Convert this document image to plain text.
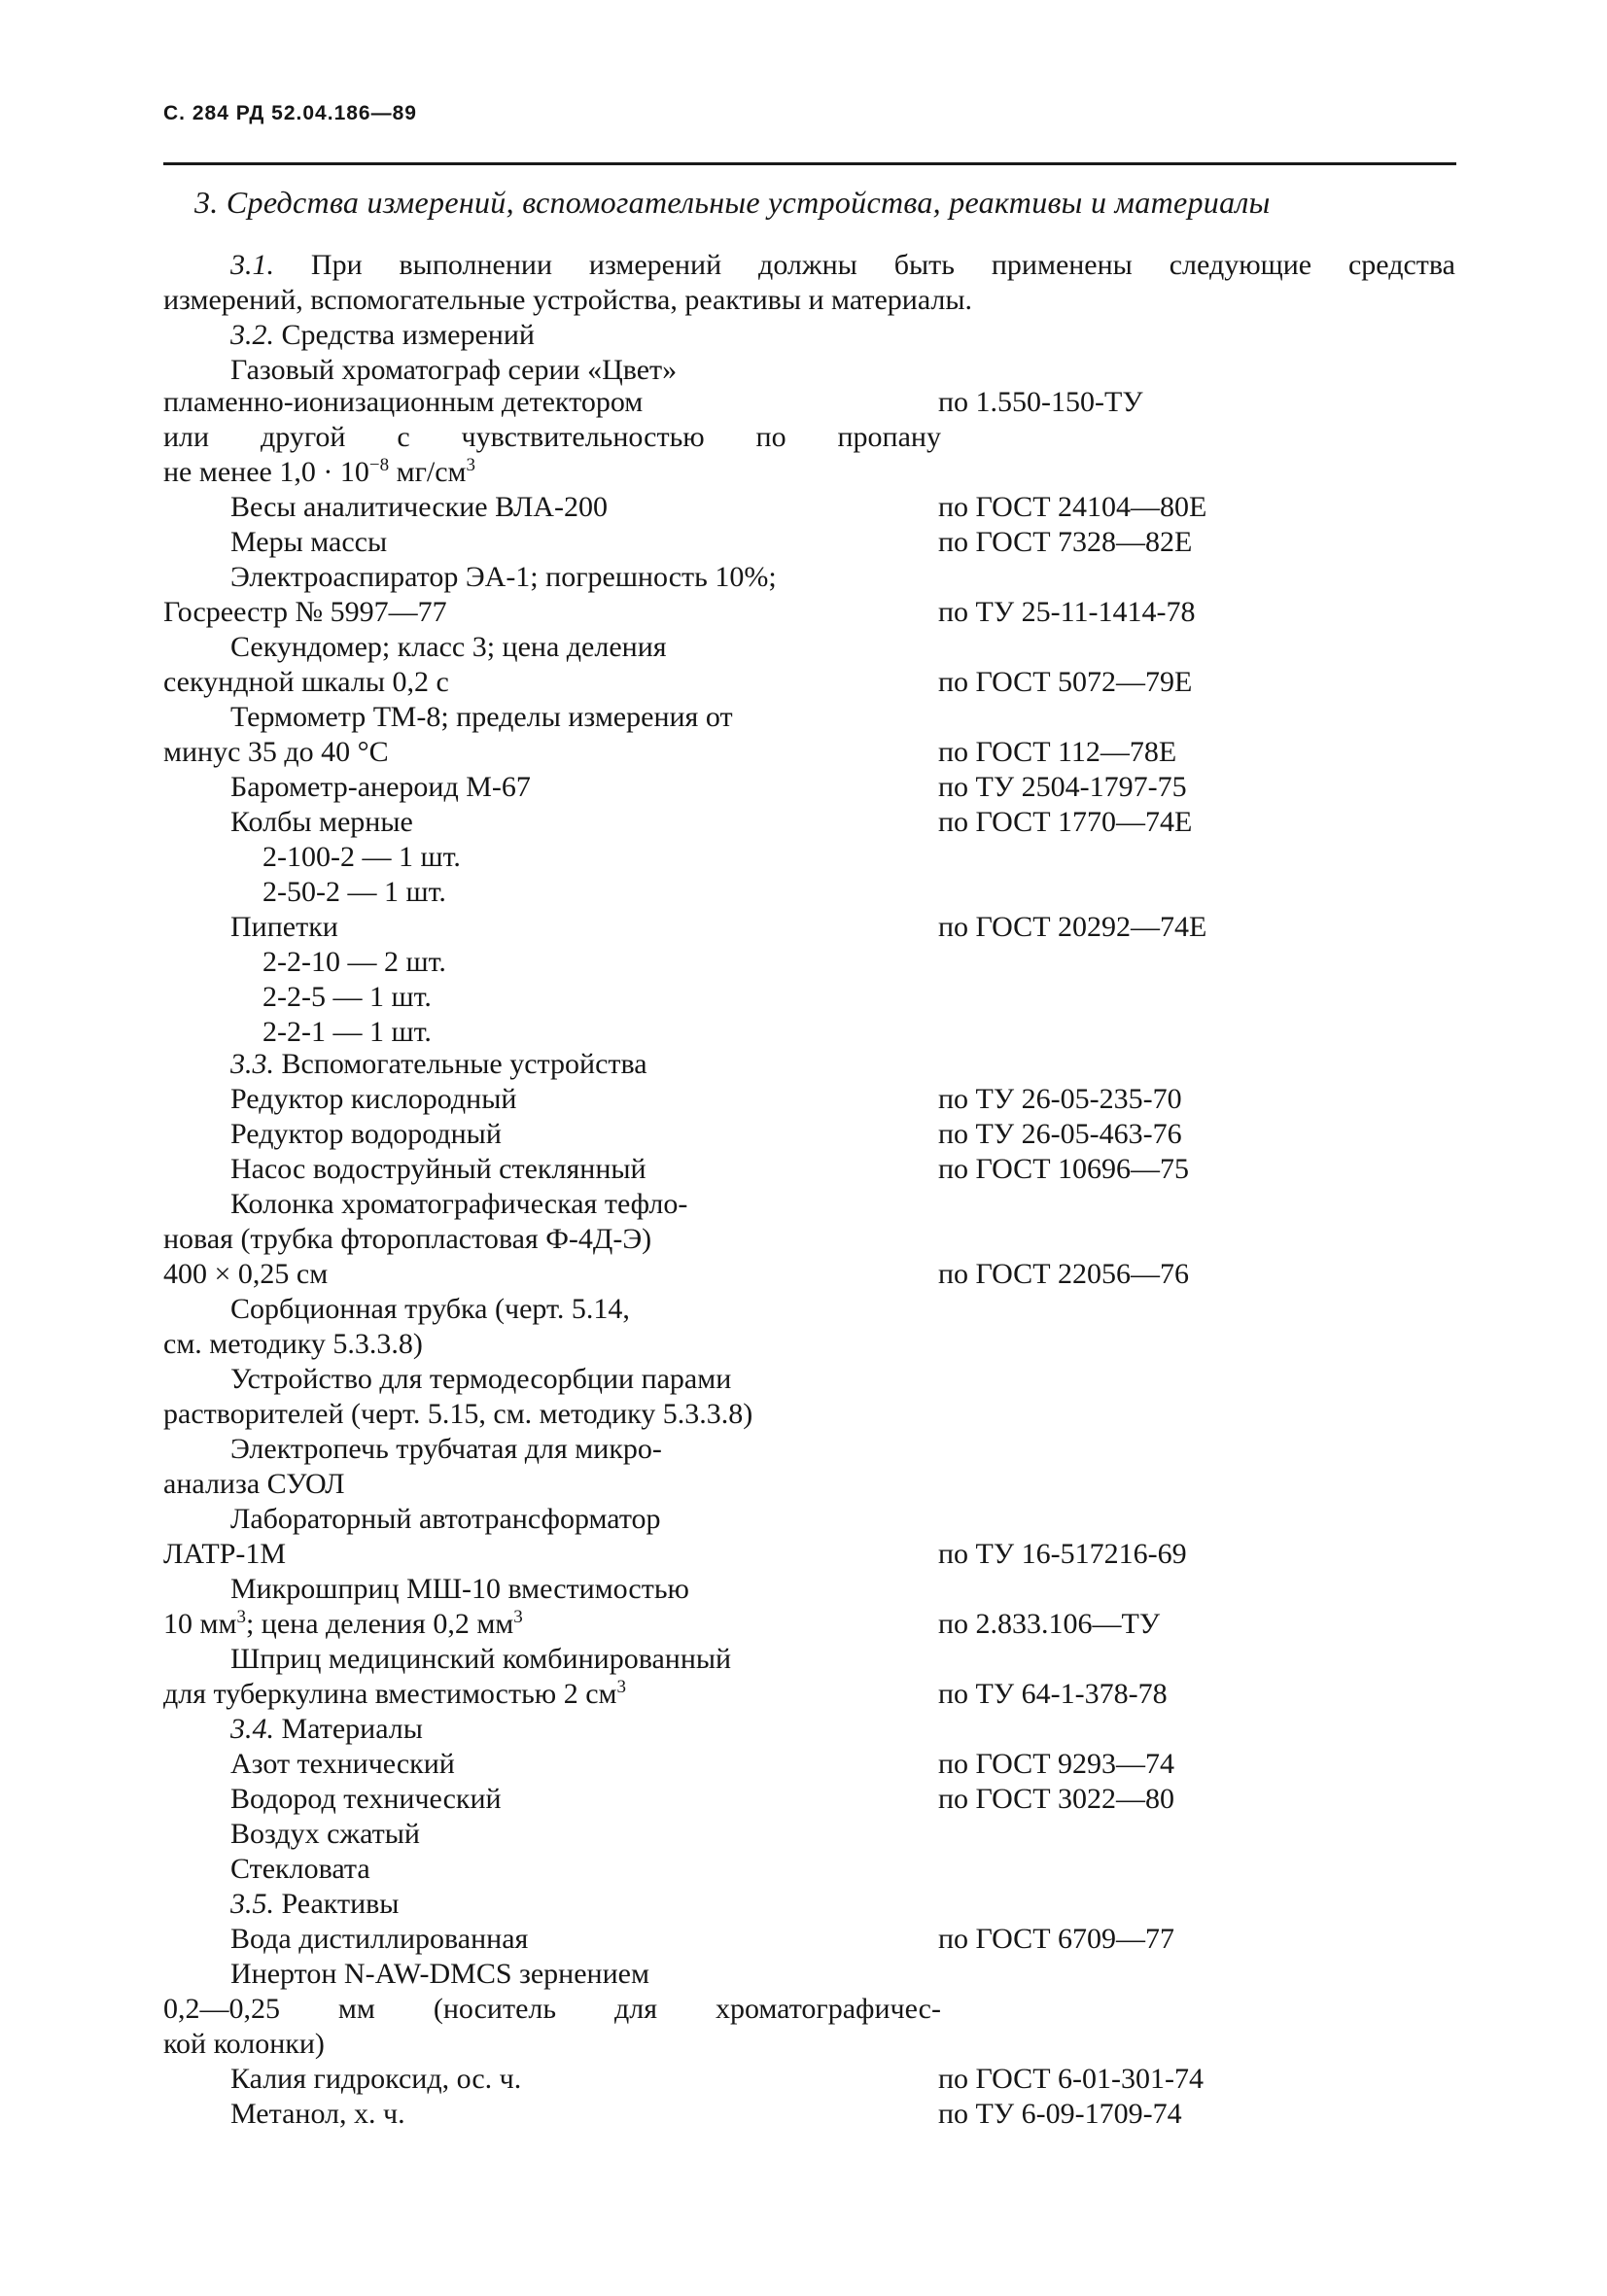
С. 284 РД 52.04.186—89
3. Средства измерений, вспомогательные устройства, реактивы и материалы
3.1. При выполнении измерений должны быть применены следующие средства
измерений, вспомогательные устройства, реактивы и материалы.
3.2. Средства измерений
Газовый хроматограф серии «Цвет»
пламенно-ионизационным детектором	по 1.550-150-ТУ
или другой с чувствительностью по пропану
не менее $1,0 \cdot 10^{-8}$ $мг/см^3$
Весы аналитические ВЛА-200	по ГОСТ 24104—80Е
Меры массы	по ГОСТ 7328—82Е
Электроаспиратор ЭА-1; погрешность 10%;
Госреестр № 5997—77	по ТУ 25-11-1414-78
Секундомер; класс 3; цена деления
секундной шкалы 0,2 с	по ГОСТ 5072—79Е
Термометр ТМ-8; пределы измерения от
минус 35 до 40 °С	по ГОСТ 112—78Е
Барометр-анероид М-67	по ТУ 2504-1797-75
Колбы мерные	по ГОСТ 1770—74Е
2-100-2 — 1 шт.
2-50-2 — 1 шт.
Пипетки	по ГОСТ 20292—74Е
2-2-10 — 2 шт.
2-2-5 — 1 шт.
2-2-1 — 1 шт.
3.3. Вспомогательные устройства
Редуктор кислородный	по ТУ 26-05-235-70
Редуктор водородный	по ТУ 26-05-463-76
Насос водоструйный стеклянный	по ГОСТ 10696—75
Колонка хроматографическая тефло-
новая (трубка фторопластовая Ф-4Д-Э)
400 × 0,25 см	по ГОСТ 22056—76
Сорбционная трубка (черт. 5.14,
см. методику 5.3.3.8)
Устройство для термодесорбции парами
растворителей (черт. 5.15, см. методику 5.3.3.8)
Электропечь трубчатая для микро-
анализа СУОЛ
Лабораторный автотрансформатор
ЛАТР-1М	по ТУ 16-517216-69
Микрошприц МШ-10 вместимостью
10 $мм^3$; цена деления 0,2 $мм^3$	по 2.833.106—ТУ
Шприц медицинский комбинированный
для туберкулина вместимостью 2 $см^3$	по ТУ 64-1-378-78
3.4. Материалы
Азот технический	по ГОСТ 9293—74
Водород технический	по ГОСТ 3022—80
Воздух сжатый
Стекловата
3.5. Реактивы
Вода дистиллированная	по ГОСТ 6709—77
Инертон N-AW-DMCS зернением
0,2—0,25 мм (носитель для хроматографичес-
кой колонки)
Калия гидроксид, ос. ч.	по ГОСТ 6-01-301-74
Метанол, х. ч.	по ТУ 6-09-1709-74
